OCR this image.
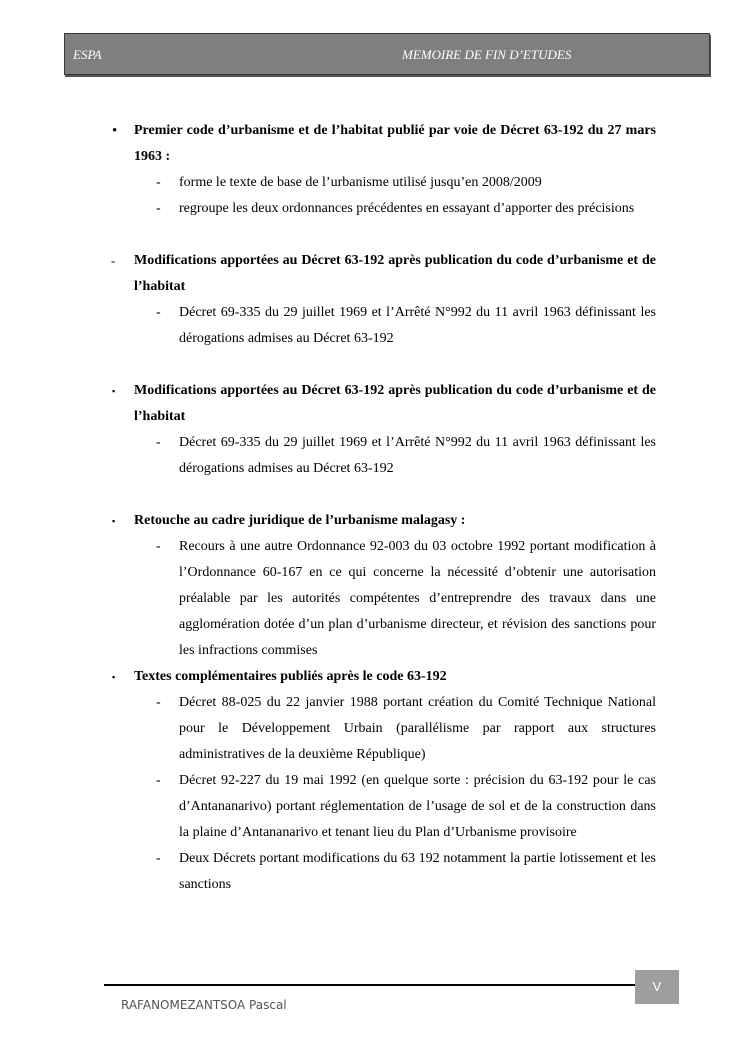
ESPA	MEMOIRE DE FIN D’ETUDES
•	Premier code d’urbanisme et de l’habitat publié par voie de Décret 63-192 du 27 mars 1963 :
- forme le texte de base de l’urbanisme utilisé jusqu’en 2008/2009
- regroupe les deux ordonnances précédentes en essayant d’apporter des précisions
-	Modifications apportées au Décret 63-192 après publication du code d’urbanisme et de l’habitat
- Décret 69-335 du 29 juillet 1969 et l’Arrêté N°992 du 11 avril 1963 définissant les dérogations admises au Décret 63-192
▪	Modifications apportées au Décret 63-192 après publication du code d’urbanisme et de l’habitat
- Décret 69-335 du 29 juillet 1969 et l’Arrêté N°992 du 11 avril 1963 définissant les dérogations admises au Décret 63-192
▪	Retouche au cadre juridique de l’urbanisme malagasy :
- Recours à une autre Ordonnance 92-003 du 03 octobre 1992 portant modification à l’Ordonnance 60-167 en ce qui concerne la nécessité d’obtenir une autorisation préalable par les autorités compétentes d’entreprendre des travaux dans une agglomération dotée d’un plan d’urbanisme directeur, et révision des sanctions pour les infractions commises
▪	Textes complémentaires publiés après le code 63-192
- Décret 88-025 du 22 janvier 1988 portant création du Comité Technique National pour le Développement Urbain (parallélisme par rapport aux structures administratives de la deuxième République)
- Décret 92-227 du 19 mai 1992 (en quelque sorte : précision du 63-192 pour le cas d’Antananarivo) portant réglementation de l’usage de sol et de la construction dans la plaine d’Antananarivo et tenant lieu du Plan d’Urbanisme provisoire
- Deux Décrets portant modifications du 63 192 notamment la partie lotissement et les sanctions
V
RAFANOMEZANTSOA Pascal
